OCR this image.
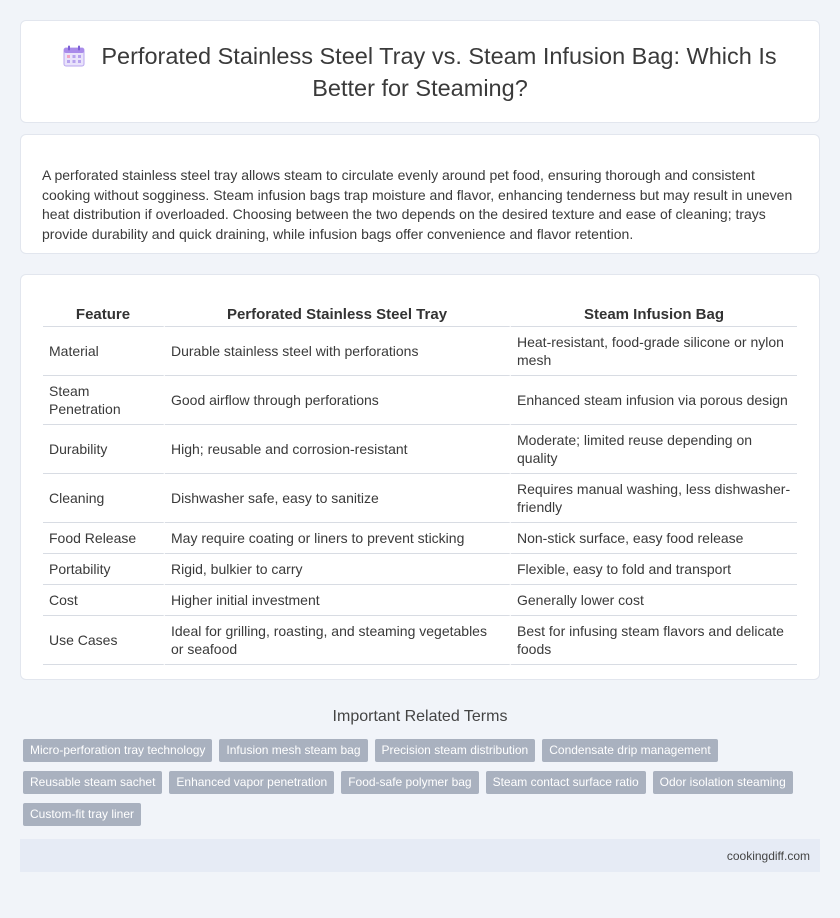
Perforated Stainless Steel Tray vs. Steam Infusion Bag: Which Is Better for Steaming?
A perforated stainless steel tray allows steam to circulate evenly around pet food, ensuring thorough and consistent cooking without sogginess. Steam infusion bags trap moisture and flavor, enhancing tenderness but may result in uneven heat distribution if overloaded. Choosing between the two depends on the desired texture and ease of cleaning; trays provide durability and quick draining, while infusion bags offer convenience and flavor retention.
Feature	Perforated Stainless Steel Tray	Steam Infusion Bag
Material	Durable stainless steel with perforations	Heat-resistant, food-grade silicone or nylon mesh
Steam Penetration	Good airflow through perforations	Enhanced steam infusion via porous design
Durability	High; reusable and corrosion-resistant	Moderate; limited reuse depending on quality
Cleaning	Dishwasher safe, easy to sanitize	Requires manual washing, less dishwasher-friendly
Food Release	May require coating or liners to prevent sticking	Non-stick surface, easy food release
Portability	Rigid, bulkier to carry	Flexible, easy to fold and transport
Cost	Higher initial investment	Generally lower cost
Use Cases	Ideal for grilling, roasting, and steaming vegetables or seafood	Best for infusing steam flavors and delicate foods
Important Related Terms
Micro-perforation tray technology	Infusion mesh steam bag	Precision steam distribution	Condensate drip management
Reusable steam sachet	Enhanced vapor penetration	Food-safe polymer bag	Steam contact surface ratio	Odor isolation steaming
Custom-fit tray liner
cookingdiff.com
